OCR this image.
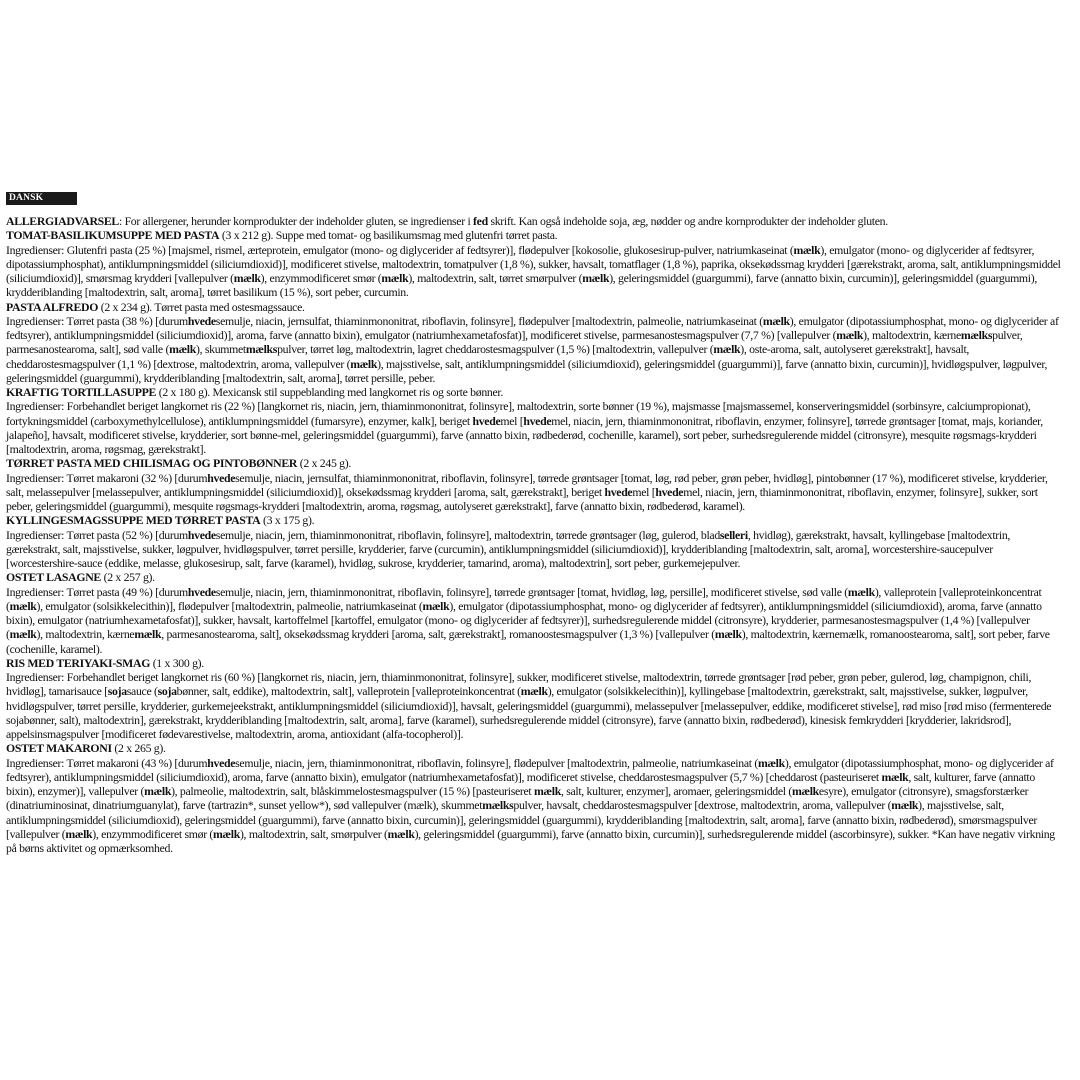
DANSK

ALLERGIADVARSEL: For allergener, herunder kornprodukter der indeholder gluten, se ingredienser i fed skrift. Kan også indeholde soja, æg, nødder og andre kornprodukter der indeholder gluten.

TOMAT-BASILIKUMSUPPE MED PASTA (3 x 212 g). Suppe med tomat- og basilikumsmag med glutenfri tørret pasta.

Ingredienser: Glutenfri pasta (25 %) [majsmel, rismel, ærteprotein, emulgator (mono- og diglycerider af fedtsyrer)], flødepulver [kokosolie, glukosesirup-pulver, natriumkaseinat (mælk), emulgator (mono- og diglycerider af fedtsyrer, dipotassiumphosphat), antiklumpningsmiddel (siliciumdioxid)], modificeret stivelse, maltodextrin, tomatpulver (1,8 %), sukker, havsalt, tomatflager (1,8 %), paprika, oksekødssmag krydderi [gærekstrakt, aroma, salt, antiklumpningsmiddel (siliciumdioxid)], smørsmag krydderi [vallepulver (mælk), enzymmodificeret smør (mælk), maltodextrin, salt, tørret smørpulver (mælk), geleringsmiddel (guargummi), farve (annatto bixin, curcumin)], geleringsmiddel (guargummi), krydderiblanding [maltodextrin, salt, aroma], tørret basilikum (15 %), sort peber, curcumin.

PASTA ALFREDO (2 x 234 g). Tørret pasta med ostesmagssauce.

Ingredienser: Tørret pasta (38 %) [durumhvedesemulje, niacin, jernsulfat, thiaminmononitrat, riboflavin, folinsyre], flødepulver [maltodextrin, palmeolie, natriumkaseinat (mælk), emulgator (dipotassiumphosphat, mono- og diglycerider af fedtsyrer), antiklumpningsmiddel (siliciumdioxid)], aroma, farve (annatto bixin), emulgator (natriumhexametafosfat)], modificeret stivelse, parmesanostesmagspulver (7,7 %) [vallepulver (mælk), maltodextrin, kærnemælkspulver, parmesanostearoma, salt], sød valle (mælk), skummetmælkspulver, tørret løg, maltodextrin, lagret cheddarostesmagspulver (1,5 %) [maltodextrin, vallepulver (mælk), oste-aroma, salt, autolyseret gærekstrakt], havsalt, cheddarostesmagspulver (1,1 %) [dextrose, maltodextrin, aroma, vallepulver (mælk), majsstivelse, salt, antiklumpningsmiddel (siliciumdioxid), geleringsmiddel (guargummi)], farve (annatto bixin, curcumin)], hvidløgspulver, løgpulver, geleringsmiddel (guargummi), krydderiblanding [maltodextrin, salt, aroma], tørret persille, peber.

KRAFTIG TORTILLASUPPE (2 x 180 g). Mexicansk stil suppeblanding med langkornet ris og sorte bønner.

Ingredienser: Forbehandlet beriget langkornet ris (22 %) [langkornet ris, niacin, jern, thiaminmononitrat, folinsyre], maltodextrin, sorte bønner (19 %), majsmasse [majsmassemel, konserveringsmiddel (sorbinsyre, calciumpropionat), fortykningsmiddel (carboxymethylcellulose), antiklumpningsmiddel (fumarsyre), enzymer, kalk], beriget hvedemel [hvedemel, niacin, jern, thiaminmononitrat, riboflavin, enzymer, folinsyre], tørrede grøntsager [tomat, majs, koriander, jalapeño], havsalt, modificeret stivelse, krydderier, sort bønne-mel, geleringsmiddel (guargummi), farve (annatto bixin, rødbederød, cochenille, karamel), sort peber, surhedsregulerende middel (citronsyre), mesquite røgsmags-krydderi [maltodextrin, aroma, røgsmag, gærekstrakt].

TØRRET PASTA MED CHILISMAG OG PINTOBØNNER (2 x 245 g).

Ingredienser: Tørret makaroni (32 %) [durumhvedesemulje, niacin, jernsulfat, thiaminmononitrat, riboflavin, folinsyre], tørrede grøntsager [tomat, løg, rød peber, grøn peber, hvidløg], pintobønner (17 %), modificeret stivelse, krydderier, salt, melassepulver [melassepulver, antiklumpningsmiddel (siliciumdioxid)], oksekødssmag krydderi [aroma, salt, gærekstrakt], beriget hvedemel [hvedemel, niacin, jern, thiaminmononitrat, riboflavin, enzymer, folinsyre], sukker, sort peber, geleringsmiddel (guargummi), mesquite røgsmags-krydderi [maltodextrin, aroma, røgsmag, autolyseret gærekstrakt], farve (annatto bixin, rødbederød, karamel).

KYLLINGESMAGSSUPPE MED TØRRET PASTA (3 x 175 g).

Ingredienser: Tørret pasta (52 %) [durumhvedesemulje, niacin, jern, thiaminmononitrat, riboflavin, folinsyre], maltodextrin, tørrede grøntsager (løg, gulerod, bladselleri, hvidløg), gærekstrakt, havsalt, kyllingebase [maltodextrin, gærekstrakt, salt, majsstivelse, sukker, løgpulver, hvidløgspulver, tørret persille, krydderier, farve (curcumin), antiklumpningsmiddel (siliciumdioxid)], krydderiblanding [maltodextrin, salt, aroma], worcestershire-saucepulver [worcestershire-sauce (eddike, melasse, glukosesirup, salt, farve (karamel), hvidløg, sukrose, krydderier, tamarind, aroma), maltodextrin], sort peber, gurkemejepulver.

OSTET LASAGNE (2 x 257 g).

Ingredienser: Tørret pasta (49 %) [durumhvedesemulje, niacin, jern, thiaminmononitrat, riboflavin, folinsyre], tørrede grøntsager [tomat, hvidløg, løg, persille], modificeret stivelse, sød valle (mælk), valleprotein [valleproteinkoncentrat (mælk), emulgator (solsikkelecithin)], flødepulver [maltodextrin, palmeolie, natriumkaseinat (mælk), emulgator (dipotassiumphosphat, mono- og diglycerider af fedtsyrer), antiklumpningsmiddel (siliciumdioxid), aroma, farve (annatto bixin), emulgator (natriumhexametafosfat)], sukker, havsalt, kartoffelmel [kartoffel, emulgator (mono- og diglycerider af fedtsyrer)], surhedsregulerende middel (citronsyre), krydderier, parmesanostesmagspulver (1,4 %) [vallepulver (mælk), maltodextrin, kærnemælk, parmesanostearoma, salt], oksekødssmag krydderi [aroma, salt, gærekstrakt], romanoostesmagspulver (1,3 %) [vallepulver (mælk), maltodextrin, kærnemælk, romanoostearoma, salt], sort peber, farve (cochenille, karamel).

RIS MED TERIYAKI-SMAG (1 x 300 g).

Ingredienser: Forbehandlet beriget langkornet ris (60 %) [langkornet ris, niacin, jern, thiaminmononitrat, folinsyre], sukker, modificeret stivelse, maltodextrin, tørrede grøntsager [rød peber, grøn peber, gulerod, løg, champignon, chili, hvidløg], tamarisauce [sojasauce (sojabønner, salt, eddike), maltodextrin, salt], valleprotein [valleproteinkoncentrat (mælk), emulgator (solsikkelecithin)], kyllingebase [maltodextrin, gærekstrakt, salt, majsstivelse, sukker, løgpulver, hvidløgspulver, tørret persille, krydderier, gurkemejeekstrakt, antiklumpningsmiddel (siliciumdioxid)], havsalt, geleringsmiddel (guargummi), melassepulver [melassepulver, eddike, modificeret stivelse], rød miso [rød miso (fermenterede sojabønner, salt), maltodextrin], gærekstrakt, krydderiblanding [maltodextrin, salt, aroma], farve (karamel), surhedsregulerende middel (citronsyre), farve (annatto bixin, rødbederød), kinesisk femkrydderi [krydderier, lakridsrod], appelsinsmagspulver [modificeret fødevarestivelse, maltodextrin, aroma, antioxidant (alfa-tocopherol)].

OSTET MAKARONI (2 x 265 g).

Ingredienser: Tørret makaroni (43 %) [durumhvedesemulje, niacin, jern, thiaminmononitrat, riboflavin, folinsyre], flødepulver [maltodextrin, palmeolie, natriumkaseinat (mælk), emulgator (dipotassiumphosphat, mono- og diglycerider af fedtsyrer), antiklumpningsmiddel (siliciumdioxid), aroma, farve (annatto bixin), emulgator (natriumhexametafosfat)], modificeret stivelse, cheddarostesmagspulver (5,7 %) [cheddarost (pasteuriseret mælk, salt, kulturer, farve (annatto bixin), enzymer)], vallepulver (mælk), palmeolie, maltodextrin, salt, blåskimmelostesmagspulver (15 %) [pasteuriseret mælk, salt, kulturer, enzymer], aromaer, geleringsmiddel (mælkesyre), emulgator (citronsyre), smagsforstærker (dinatriuminosinat, dinatriumguanylat), farve (tartrazin*, sunset yellow*), sød vallepulver (mælk), skummetmælkspulver, havsalt, cheddarostesmagspulver [dextrose, maltodextrin, aroma, vallepulver (mælk), majsstivelse, salt, antiklumpningsmiddel (siliciumdioxid), geleringsmiddel (guargummi), farve (annatto bixin, curcumin)], geleringsmiddel (guargummi), krydderiblanding [maltodextrin, salt, aroma], farve (annatto bixin, rødbederød), smørsmagspulver [vallepulver (mælk), enzymmodificeret smør (mælk), maltodextrin, salt, smørpulver (mælk), geleringsmiddel (guargummi), farve (annatto bixin, curcumin)], surhedsregulerende middel (ascorbinsyre), sukker. *Kan have negativ virkning på børns aktivitet og opmærksomhed.
